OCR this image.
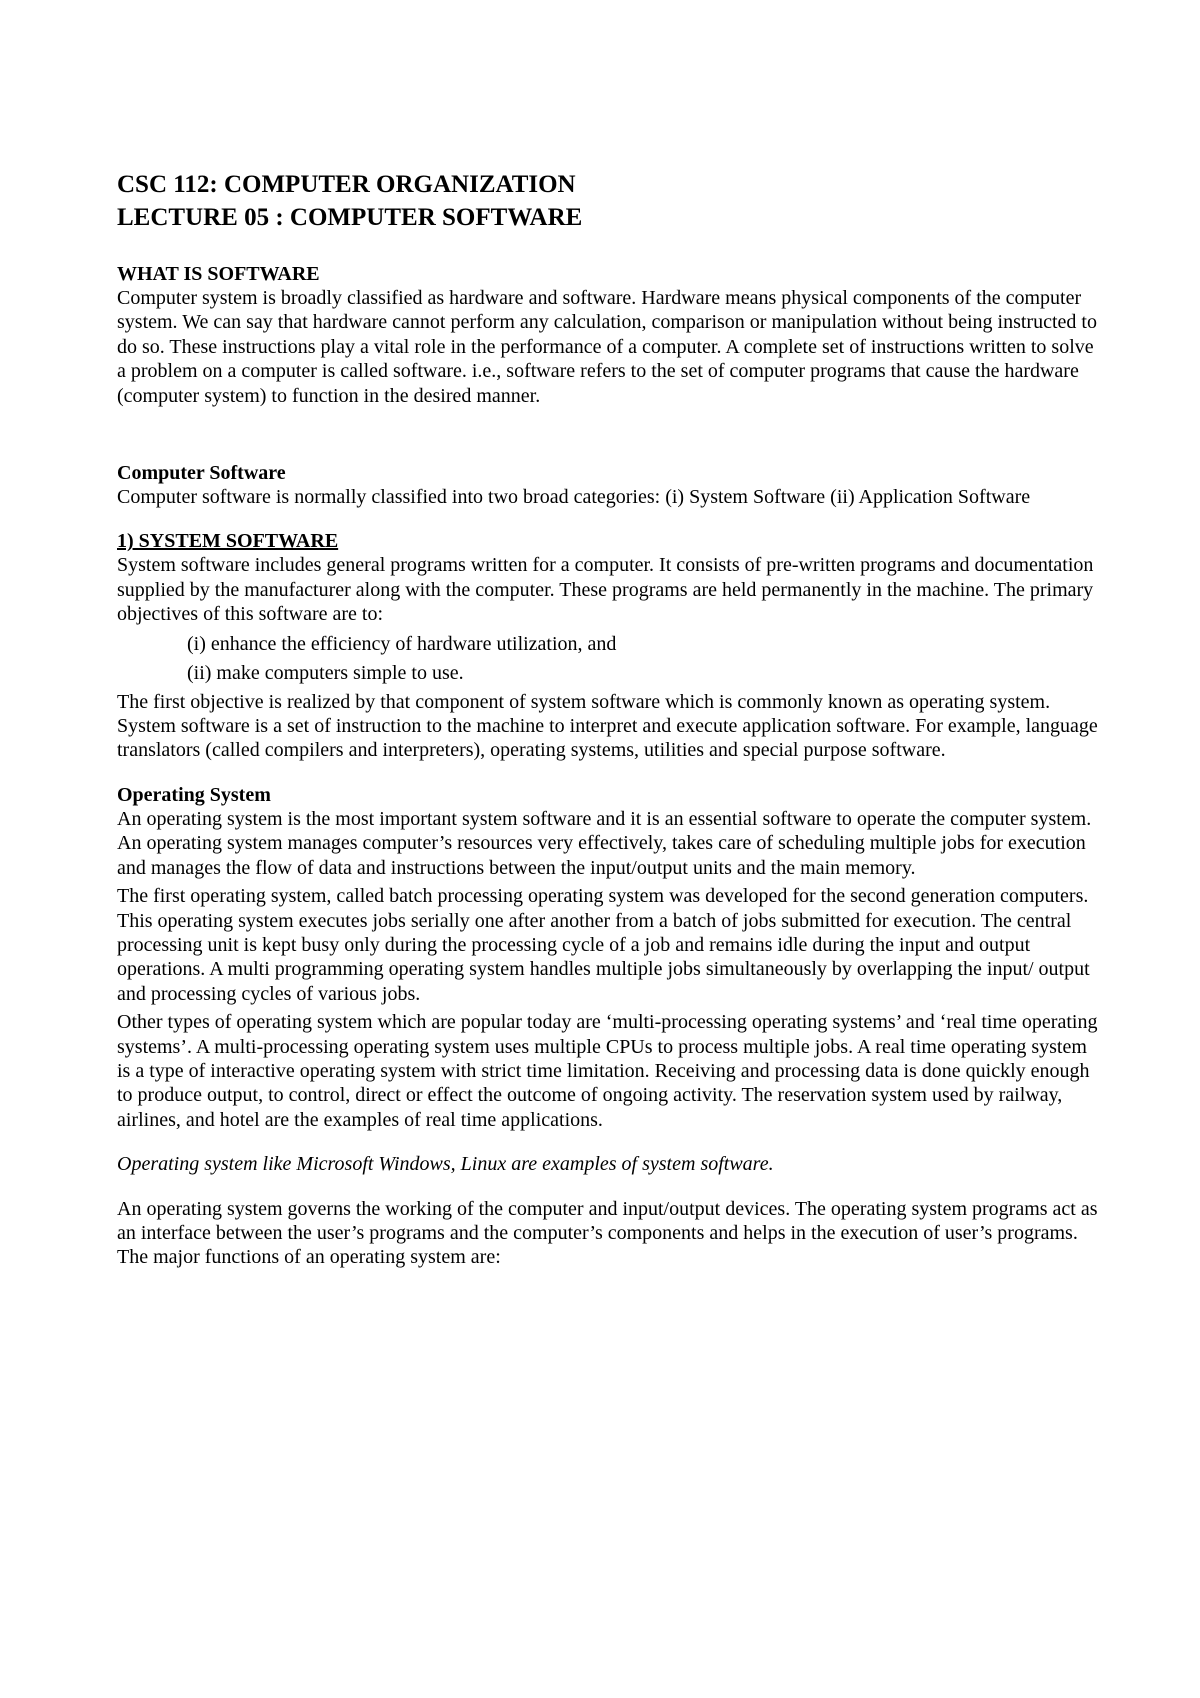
CSC 112: COMPUTER ORGANIZATION

LECTURE 05 : COMPUTER SOFTWARE

WHAT IS SOFTWARE

Computer system is broadly classified as hardware and software. Hardware means physical components of the computer system. We can say that hardware cannot perform any calculation, comparison or manipulation without being instructed to do so. These instructions play a vital role in the performance of a computer. A complete set of instructions written to solve a problem on a computer is called software. i.e., software refers to the set of computer programs that cause the hardware (computer system) to function in the desired manner.

Computer Software

Computer software is normally classified into two broad categories: (i) System Software (ii) Application Software

1) SYSTEM SOFTWARE

System software includes general programs written for a computer. It consists of pre-written programs and documentation supplied by the manufacturer along with the computer. These programs are held permanently in the machine. The primary objectives of this software are to:

(i) enhance the efficiency of hardware utilization, and

(ii) make computers simple to use.

The first objective is realized by that component of system software which is commonly known as operating system. System software is a set of instruction to the machine to interpret and execute application software. For example, language translators (called compilers and interpreters), operating systems, utilities and special purpose software.

Operating System

An operating system is the most important system software and it is an essential software to operate the computer system. An operating system manages computer’s resources very effectively, takes care of scheduling multiple jobs for execution and manages the flow of data and instructions between the input/output units and the main memory.

The first operating system, called batch processing operating system was developed for the second generation computers. This operating system executes jobs serially one after another from a batch of jobs submitted for execution. The central processing unit is kept busy only during the processing cycle of a job and remains idle during the input and output operations. A multi programming operating system handles multiple jobs simultaneously by overlapping the input/ output and processing cycles of various jobs.

Other types of operating system which are popular today are ‘multi-processing operating systems’ and ‘real time operating systems’. A multi-processing operating system uses multiple CPUs to process multiple jobs. A real time operating system is a type of interactive operating system with strict time limitation. Receiving and processing data is done quickly enough to produce output, to control, direct or effect the outcome of ongoing activity. The reservation system used by railway, airlines, and hotel are the examples of real time applications.

Operating system like Microsoft Windows, Linux are examples of system software.

An operating system governs the working of the computer and input/output devices. The operating system programs act as an interface between the user’s programs and the computer’s components and helps in the execution of user’s programs. The major functions of an operating system are:
